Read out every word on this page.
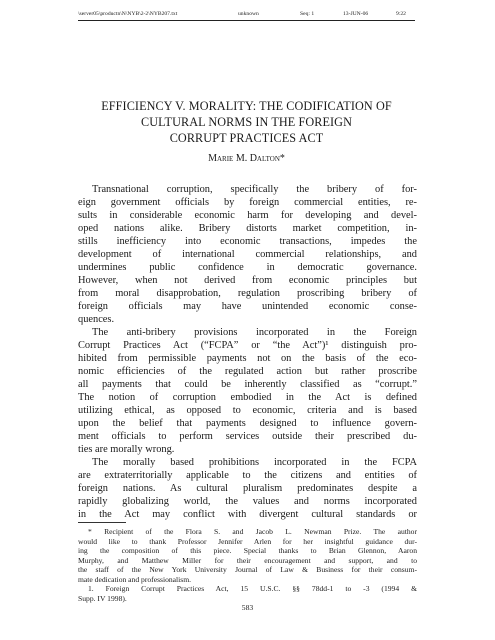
\server05\productn\N\NYB\2-2\NYB207.txt	unknown	Seq: 1	13-JUN-06	9:22
EFFICIENCY V. MORALITY: THE CODIFICATION OF
CULTURAL NORMS IN THE FOREIGN
CORRUPT PRACTICES ACT
Marie M. Dalton*
Transnational corruption, specifically the bribery of for-
eign government officials by foreign commercial entities, re-
sults in considerable economic harm for developing and devel-
oped nations alike. Bribery distorts market competition, in-
stills inefficiency into economic transactions, impedes the
development of international commercial relationships, and
undermines public confidence in democratic governance.
However, when not derived from economic principles but
from moral disapprobation, regulation proscribing bribery of
foreign officials may have unintended economic conse-
quences.
The anti-bribery provisions incorporated in the Foreign
Corrupt Practices Act (“FCPA” or “the Act”)¹ distinguish pro-
hibited from permissible payments not on the basis of the eco-
nomic efficiencies of the regulated action but rather proscribe
all payments that could be inherently classified as “corrupt.”
The notion of corruption embodied in the Act is defined
utilizing ethical, as opposed to economic, criteria and is based
upon the belief that payments designed to influence govern-
ment officials to perform services outside their prescribed du-
ties are morally wrong.
The morally based prohibitions incorporated in the FCPA
are extraterritorially applicable to the citizens and entities of
foreign nations. As cultural pluralism predominates despite a
rapidly globalizing world, the values and norms incorporated
in the Act may conflict with divergent cultural standards or
* Recipient of the Flora S. and Jacob L. Newman Prize. The author
would like to thank Professor Jennifer Arlen for her insightful guidance dur-
ing the composition of this piece. Special thanks to Brian Glennon, Aaron
Murphy, and Matthew Miller for their encouragement and support, and to
the staff of the New York University Journal of Law & Business for their consum-
mate dedication and professionalism.
1. Foreign Corrupt Practices Act, 15 U.S.C. §§ 78dd-1 to -3 (1994 &
Supp. IV 1998).
583
